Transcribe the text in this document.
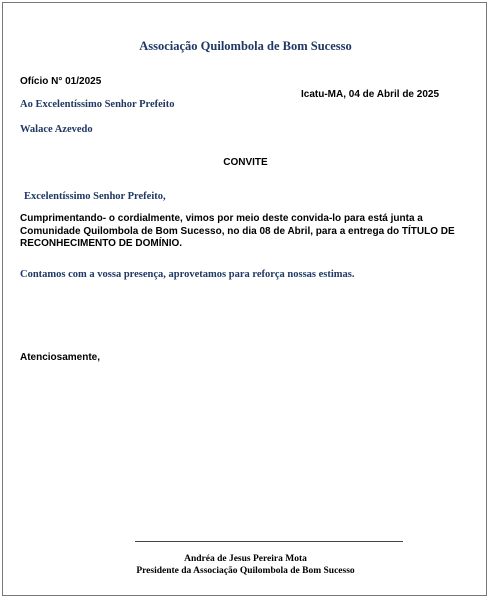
Associação Quilombola de Bom Sucesso
Ofício N° 01/2025
Icatu-MA, 04 de Abril de 2025
Ao Excelentíssimo Senhor Prefeito
Walace Azevedo
CONVITE
Excelentíssimo Senhor Prefeito,
Cumprimentando- o cordialmente, vimos por meio deste convida-lo para está junta a Comunidade Quilombola de Bom Sucesso, no dia 08 de Abril, para a entrega do TÍTULO DE RECONHECIMENTO DE DOMÍNIO.
Contamos com a vossa presença, aprovetamos para reforça nossas estimas.
Atenciosamente,
Andréa de Jesus Pereira Mota
Presidente da Associação Quilombola de Bom Sucesso
